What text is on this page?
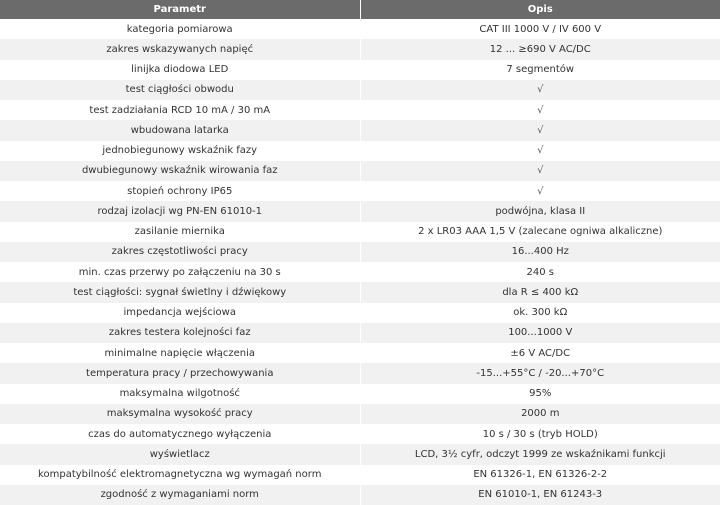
Parametr	Opis
kategoria pomiarowa	CAT III 1000 V / IV 600 V
zakres wskazywanych napięć	12 ... ≥690 V AC/DC
linijka diodowa LED	7 segmentów
test ciągłości obwodu	√
test zadziałania RCD 10 mA / 30 mA	√
wbudowana latarka	√
jednobiegunowy wskaźnik fazy	√
dwubiegunowy wskaźnik wirowania faz	√
stopień ochrony IP65	√
rodzaj izolacji wg PN-EN 61010-1	podwójna, klasa II
zasilanie miernika	2 x LR03 AAA 1,5 V (zalecane ogniwa alkaliczne)
zakres częstotliwości pracy	16...400 Hz
min. czas przerwy po załączeniu na 30 s	240 s
test ciągłości: sygnał świetlny i dźwiękowy	dla R ≤ 400 kΩ
impedancja wejściowa	ok. 300 kΩ
zakres testera kolejności faz	100...1000 V
minimalne napięcie włączenia	±6 V AC/DC
temperatura pracy / przechowywania	-15...+55°C / -20...+70°C
maksymalna wilgotność	95%
maksymalna wysokość pracy	2000 m
czas do automatycznego wyłączenia	10 s / 30 s (tryb HOLD)
wyświetlacz	LCD, 3½ cyfr, odczyt 1999 ze wskaźnikami funkcji
kompatybilność elektromagnetyczna wg wymagań norm	EN 61326-1, EN 61326-2-2
zgodność z wymaganiami norm	EN 61010-1, EN 61243-3
